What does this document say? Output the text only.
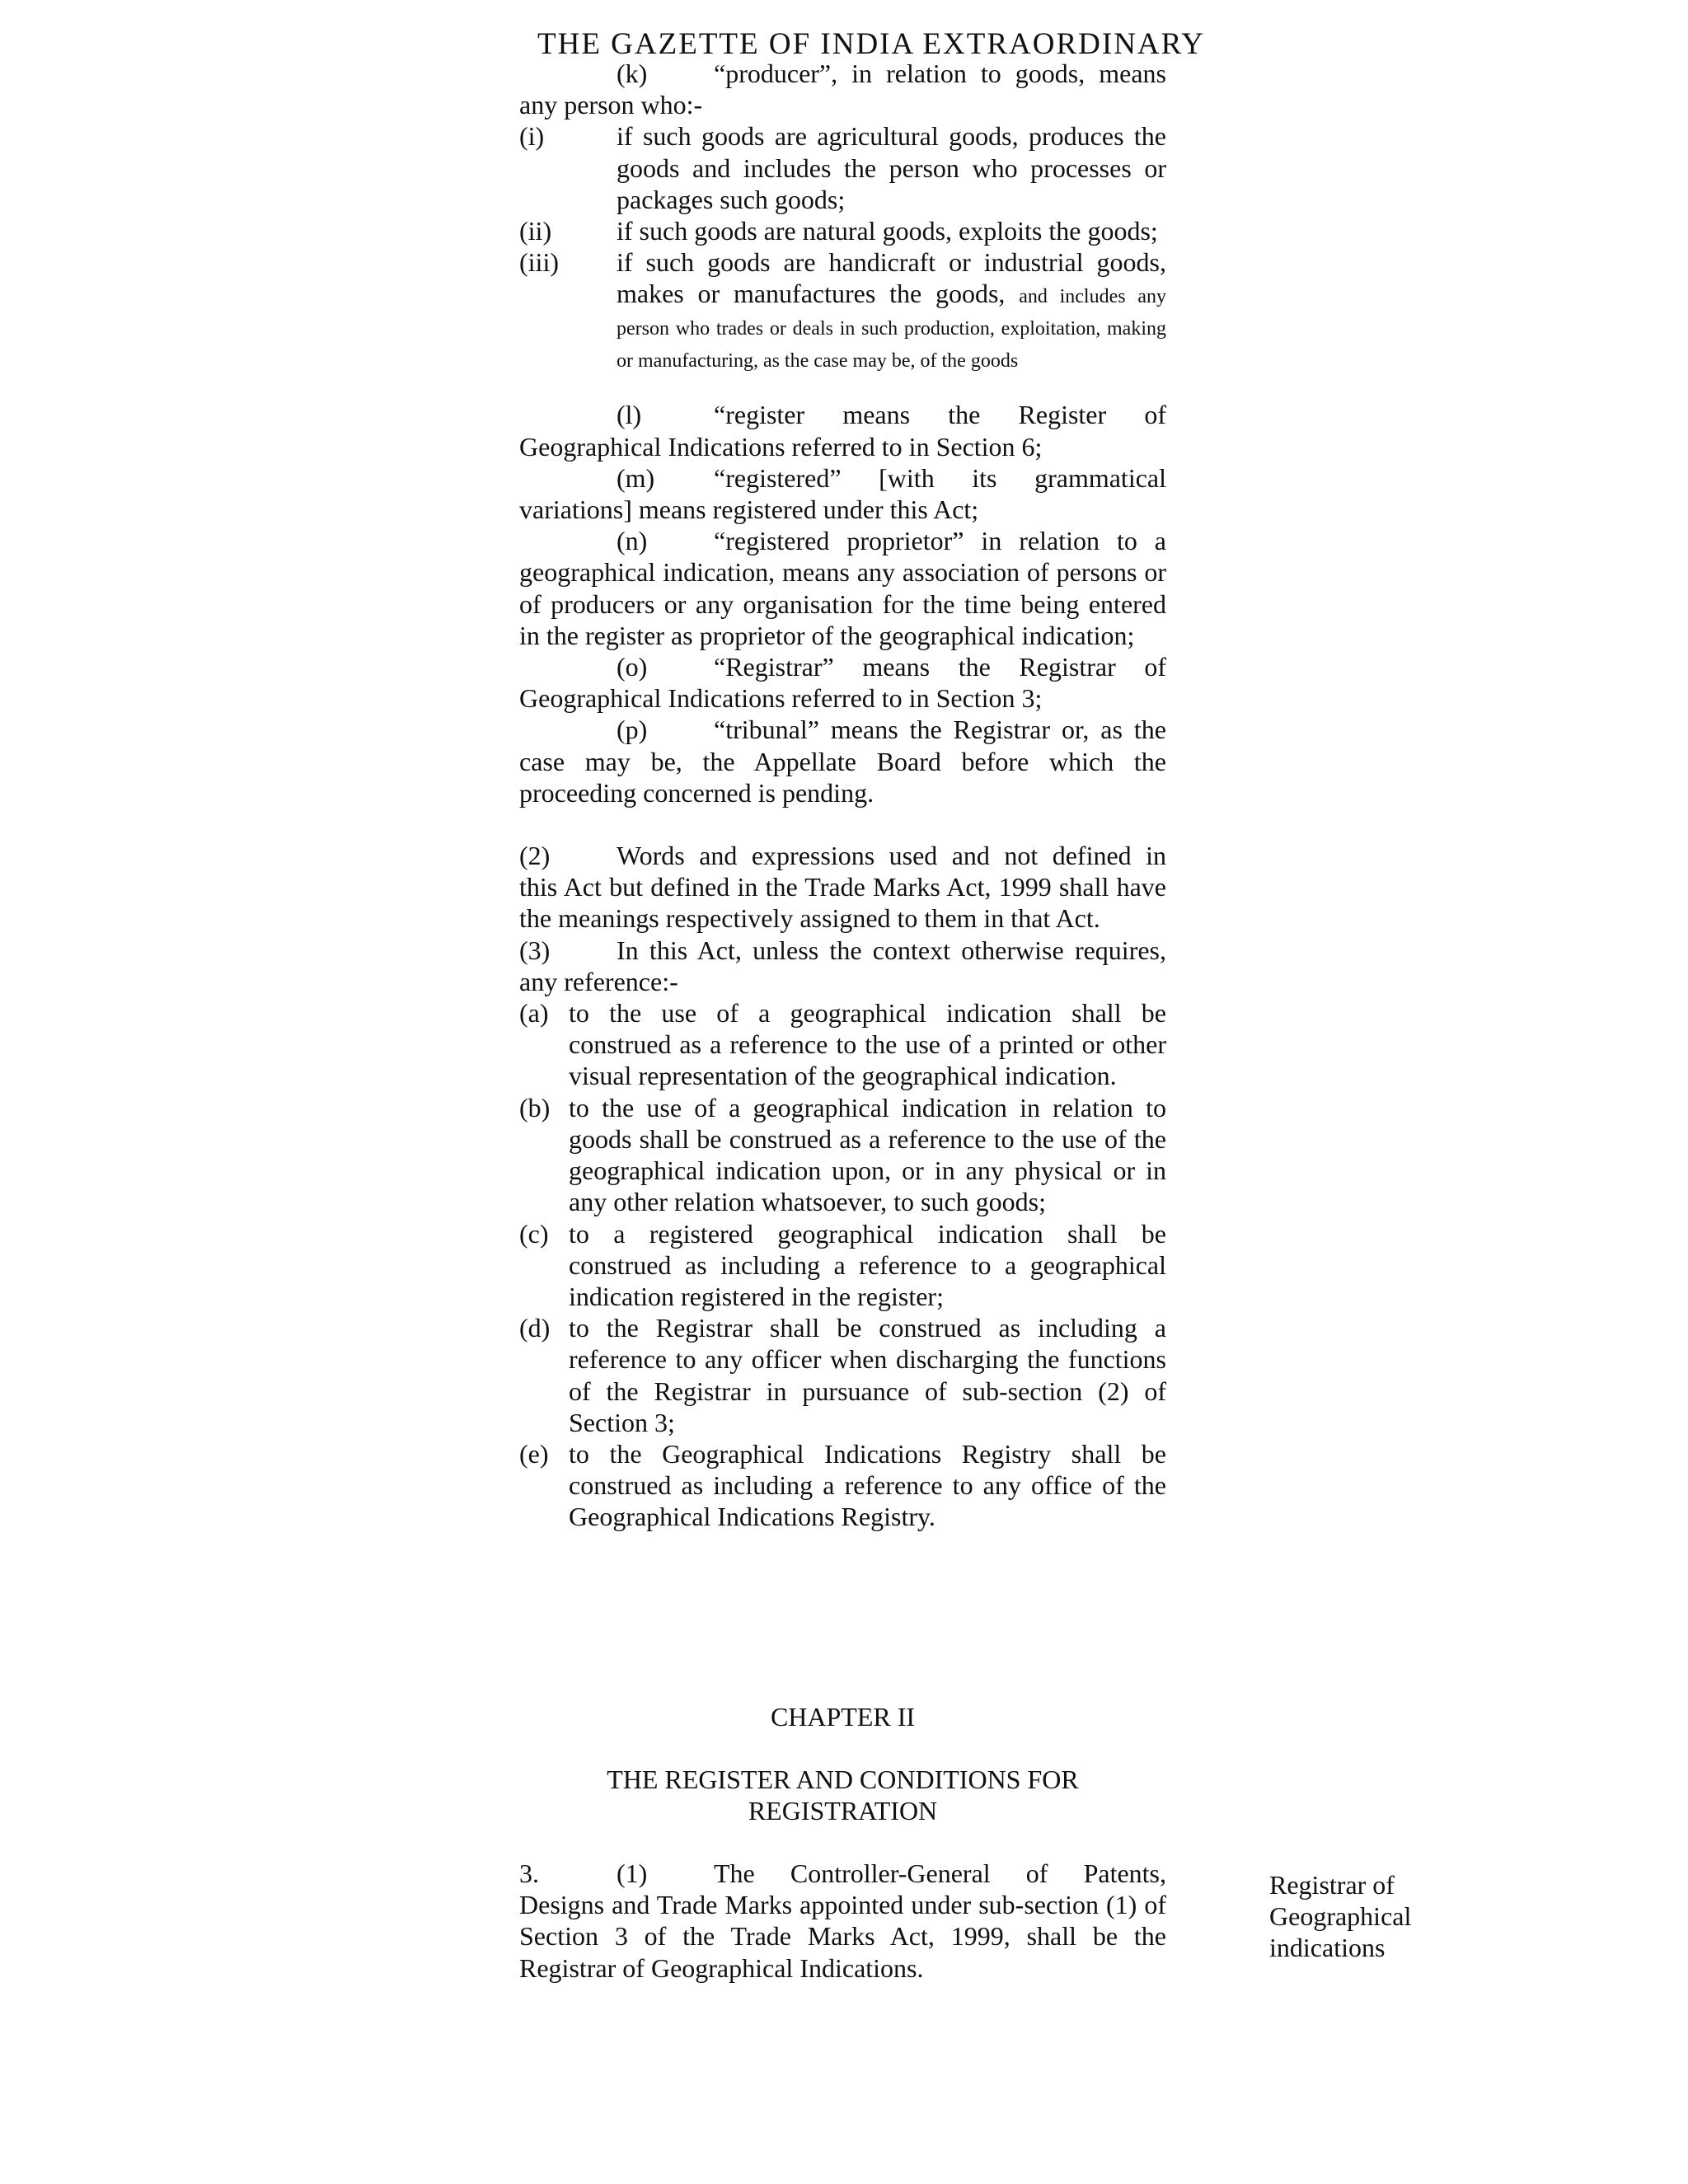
THE GAZETTE OF INDIA EXTRAORDINARY
(k)	“producer”, in relation to goods, means
any person who:-
(i)	if such goods are agricultural goods, produces the goods and includes the person who processes or packages such goods;
(ii)	if such goods are natural goods, exploits the goods;
(iii)	if such goods are handicraft or industrial goods, makes or manufactures the goods, and includes any person who trades or deals in such production, exploitation, making or manufacturing, as the case may be, of the goods
(l)	“register means the Register of
Geographical Indications referred to in Section 6;
(m) “registered” [with its grammatical
variations] means registered under this Act;
(n)	“registered proprietor” in relation to a
geographical indication, means any association of persons or of producers or any organisation for the time being entered in the register as proprietor of the geographical indication;
(o)	“Registrar” means the Registrar of
Geographical Indications referred to in Section 3;
(p)	“tribunal” means the Registrar or, as the
case may be, the Appellate Board before which the proceeding concerned is pending.
(2)	Words and expressions used and not defined in
this Act but defined in the Trade Marks Act, 1999 shall have the meanings respectively assigned to them in that Act.
(3)	In this Act, unless the context otherwise requires,
any reference:-
(a) to the use of a geographical indication shall be construed as a reference to the use of a printed or other visual representation of the geographical indication.
(b) to the use of a geographical indication in relation to goods shall be construed as a reference to the use of the geographical indication upon, or in any physical or in any other relation whatsoever, to such goods;
(c) to a registered geographical indication shall be construed as including a reference to a geographical indication registered in the register;
(d) to the Registrar shall be construed as including a reference to any officer when discharging the functions of the Registrar in pursuance of sub-section (2) of Section 3;
(e) to the Geographical Indications Registry shall be construed as including a reference to any office of the Geographical Indications Registry.
CHAPTER II
THE REGISTER AND CONDITIONS FOR
REGISTRATION
3.	(1)	The Controller-General of Patents,
Designs and Trade Marks appointed under sub-section (1) of Section 3 of the Trade Marks Act, 1999, shall be the Registrar of Geographical Indications.
Registrar of Geographical indications
